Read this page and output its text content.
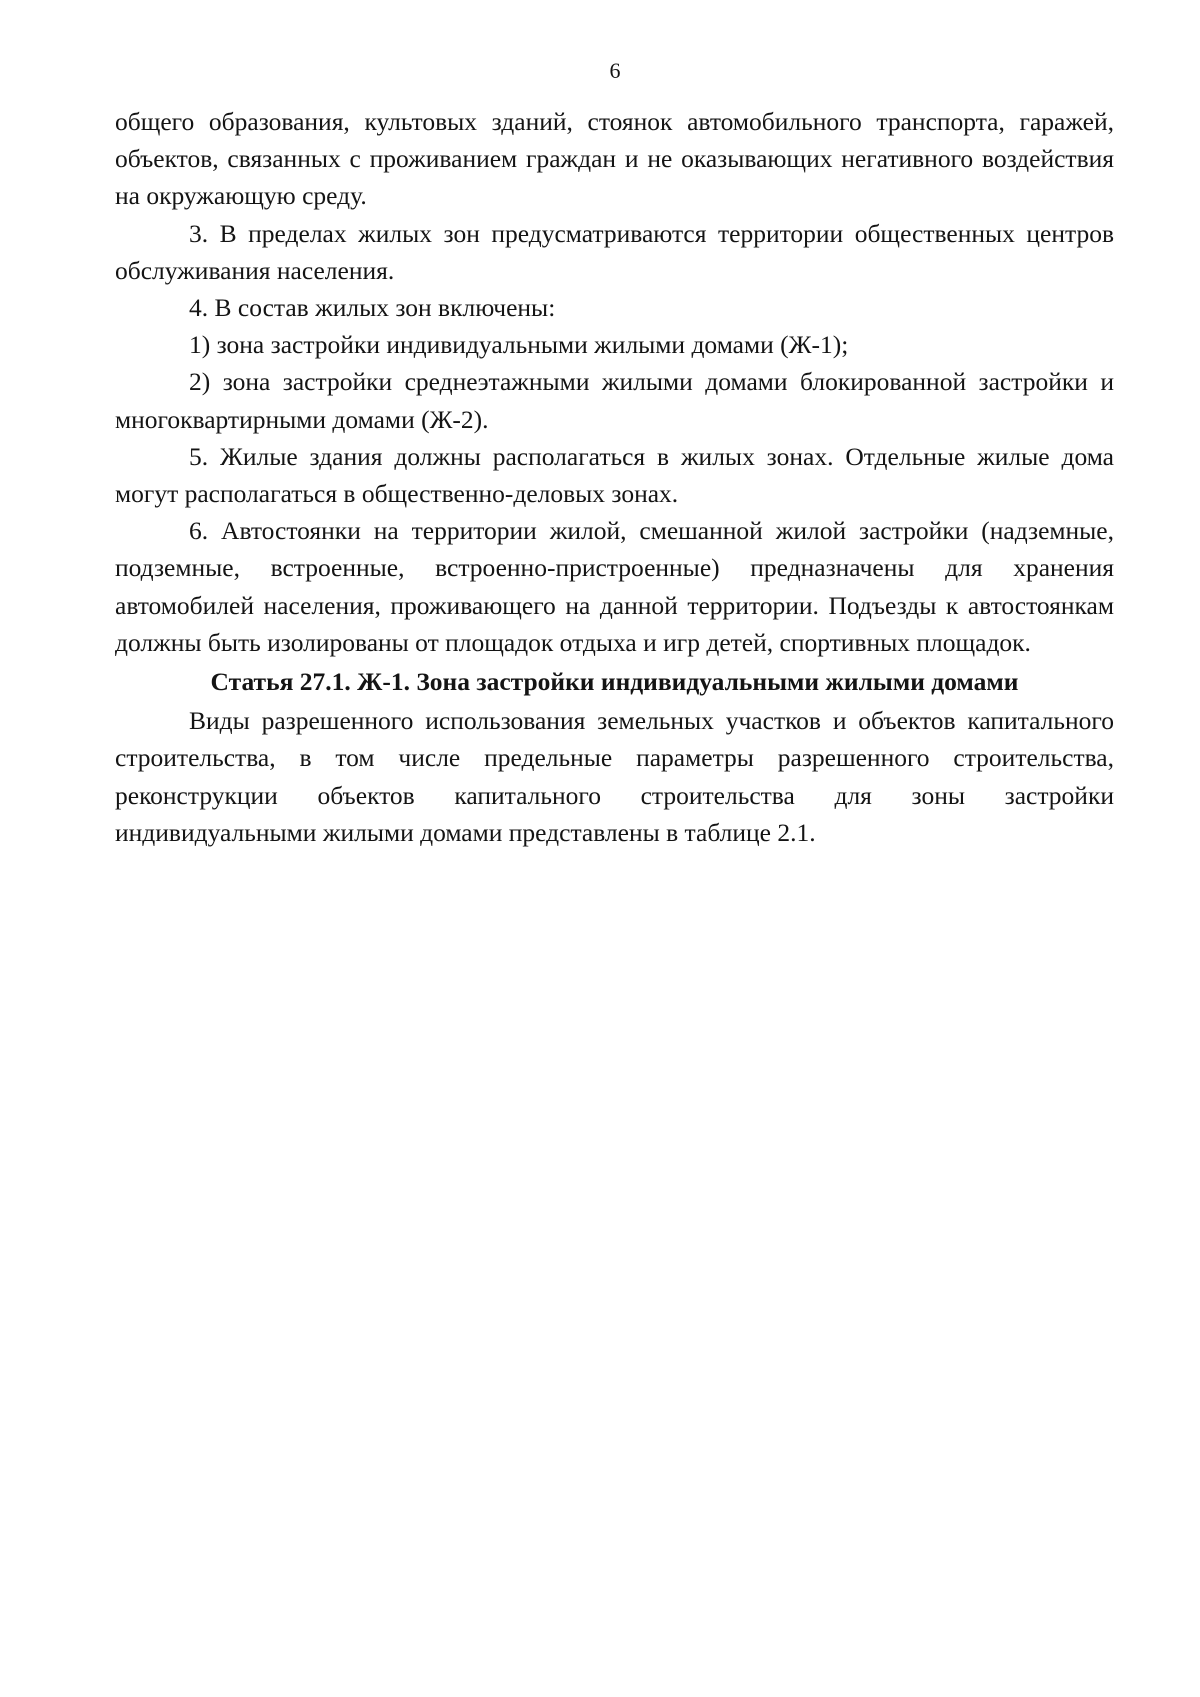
6

общего образования, культовых зданий, стоянок автомобильного транспорта, гаражей, объектов, связанных с проживанием граждан и не оказывающих негативного воздействия на окружающую среду.

3. В пределах жилых зон предусматриваются территории общественных центров обслуживания населения.

4. В состав жилых зон включены:

1) зона застройки индивидуальными жилыми домами (Ж-1);

2) зона застройки среднеэтажными жилыми домами блокированной застройки и многоквартирными домами (Ж-2).

5. Жилые здания должны располагаться в жилых зонах. Отдельные жилые дома могут располагаться в общественно-деловых зонах.

6. Автостоянки на территории жилой, смешанной жилой застройки (надземные, подземные, встроенные, встроенно-пристроенные) предназначены для хранения автомобилей населения, проживающего на данной территории. Подъезды к автостоянкам должны быть изолированы от площадок отдыха и игр детей, спортивных площадок.

Статья 27.1. Ж-1. Зона застройки индивидуальными жилыми домами

Виды разрешенного использования земельных участков и объектов капитального строительства, в том числе предельные параметры разрешенного строительства, реконструкции объектов капитального строительства для зоны застройки индивидуальными жилыми домами представлены в таблице 2.1.
